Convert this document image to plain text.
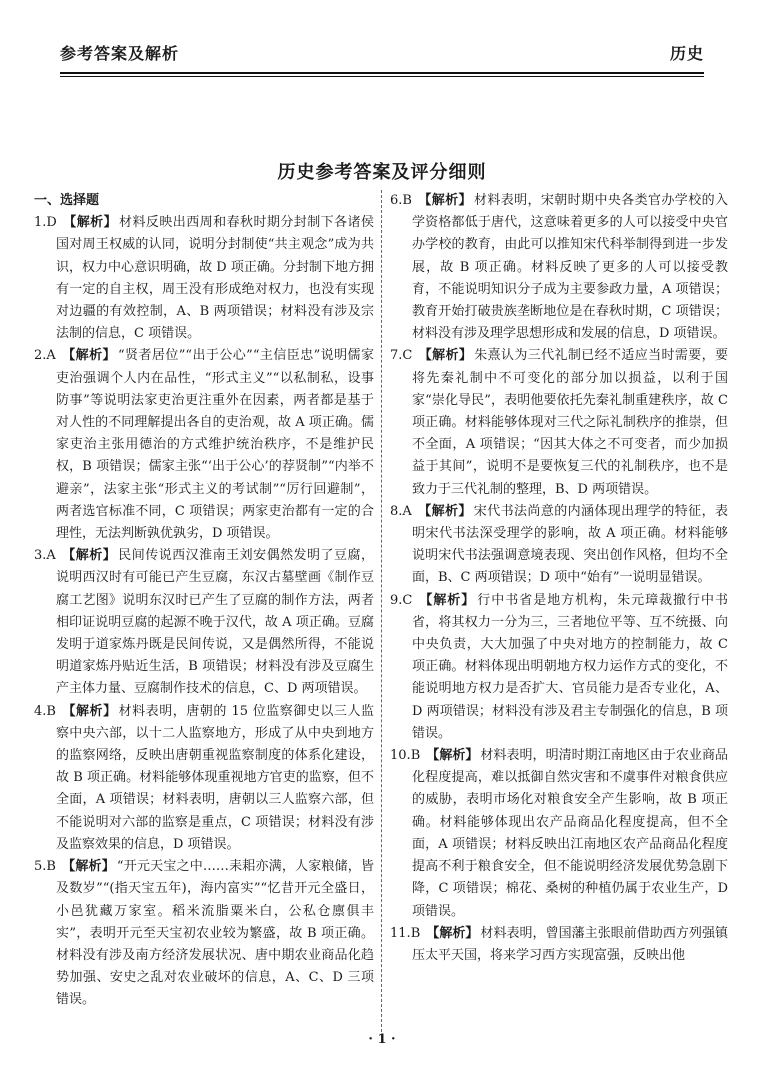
参考答案及解析	历史
历史参考答案及评分细则
一、选择题

1.D 【解析】 材料反映出西周和春秋时期分封制下各诸侯国对周王权威的认同，说明分封制使“共主观念”成为共识，权力中心意识明确，故 D 项正确。分封制下地方拥有一定的自主权，周王没有形成绝对权力，也没有实现对边疆的有效控制，A、B 两项错误；材料没有涉及宗法制的信息，C 项错误。

2.A 【解析】 “贤者居位”“出于公心”“主信臣忠”说明儒家吏治强调个人内在品性，“形式主义”“以私制私，设事防事”等说明法家吏治更注重外在因素，两者都是基于对人性的不同理解提出各自的吏治观，故 A 项正确。儒家吏治主张用德治的方式维护统治秩序，不是维护民权，B 项错误；儒家主张“‘出于公心’的荐贤制”“内举不避亲”，法家主张“形式主义的考试制”“厉行回避制”，两者选官标准不同，C 项错误；两家吏治都有一定的合理性，无法判断孰优孰劣，D 项错误。

3.A 【解析】 民间传说西汉淮南王刘安偶然发明了豆腐，说明西汉时有可能已产生豆腐，东汉古墓壁画《制作豆腐工艺图》说明东汉时已产生了豆腐的制作方法，两者相印证说明豆腐的起源不晚于汉代，故 A 项正确。豆腐发明于道家炼丹既是民间传说，又是偶然所得，不能说明道家炼丹贴近生活，B 项错误；材料没有涉及豆腐生产主体力量、豆腐制作技术的信息，C、D 两项错误。

4.B 【解析】 材料表明，唐朝的 15 位监察御史以三人监察中央六部，以十二人监察地方，形成了从中央到地方的监察网络，反映出唐朝重视监察制度的体系化建设，故 B 项正确。材料能够体现重视地方官吏的监察，但不全面，A 项错误；材料表明，唐朝以三人监察六部，但不能说明对六部的监察是重点，C 项错误；材料没有涉及监察效果的信息，D 项错误。

5.B 【解析】 “开元天宝之中……耒耜亦满，人家粮储，皆及数岁”“(指天宝五年)，海内富实”“忆昔开元全盛日，小邑犹藏万家室。稻米流脂粟米白，公私仓廪俱丰实”，表明开元至天宝初农业较为繁盛，故 B 项正确。材料没有涉及南方经济发展状况、唐中期农业商品化趋势加强、安史之乱对农业破坏的信息，A、C、D 三项错误。

6.B 【解析】 材料表明，宋朝时期中央各类官办学校的入学资格都低于唐代，这意味着更多的人可以接受中央官办学校的教育，由此可以推知宋代科举制得到进一步发展，故 B 项正确。材料反映了更多的人可以接受教育，不能说明知识分子成为主要参政力量，A 项错误；教育开始打破贵族垄断地位是在春秋时期，C 项错误；材料没有涉及理学思想形成和发展的信息，D 项错误。

7.C 【解析】 朱熹认为三代礼制已经不适应当时需要，要将先秦礼制中不可变化的部分加以损益，以利于国家“崇化导民”，表明他要依托先秦礼制重建秩序，故 C 项正确。材料能够体现对三代之际礼制秩序的推崇，但不全面，A 项错误；“因其大体之不可变者，而少加损益于其间”，说明不是要恢复三代的礼制秩序，也不是致力于三代礼制的整理，B、D 两项错误。

8.A 【解析】 宋代书法尚意的内涵体现出理学的特征，表明宋代书法深受理学的影响，故 A 项正确。材料能够说明宋代书法强调意境表现、突出创作风格，但均不全面，B、C 两项错误；D 项中“始有”一说明显错误。

9.C 【解析】 行中书省是地方机构，朱元璋裁撤行中书省，将其权力一分为三，三者地位平等、互不统摄、向中央负责，大大加强了中央对地方的控制能力，故 C 项正确。材料体现出明朝地方权力运作方式的变化，不能说明地方权力是否扩大、官员能力是否专业化，A、D 两项错误；材料没有涉及君主专制强化的信息，B 项错误。

10.B 【解析】 材料表明，明清时期江南地区由于农业商品化程度提高，难以抵御自然灾害和不虞事件对粮食供应的威胁，表明市场化对粮食安全产生影响，故 B 项正确。材料能够体现出农产品商品化程度提高，但不全面，A 项错误；材料反映出江南地区农产品商品化程度提高不利于粮食安全，但不能说明经济发展优势急剧下降，C 项错误；棉花、桑树的种植仍属于农业生产，D 项错误。

11.B 【解析】 材料表明，曾国藩主张眼前借助西方列强镇压太平天国，将来学习西方实现富强，反映出他

· 1 ·
